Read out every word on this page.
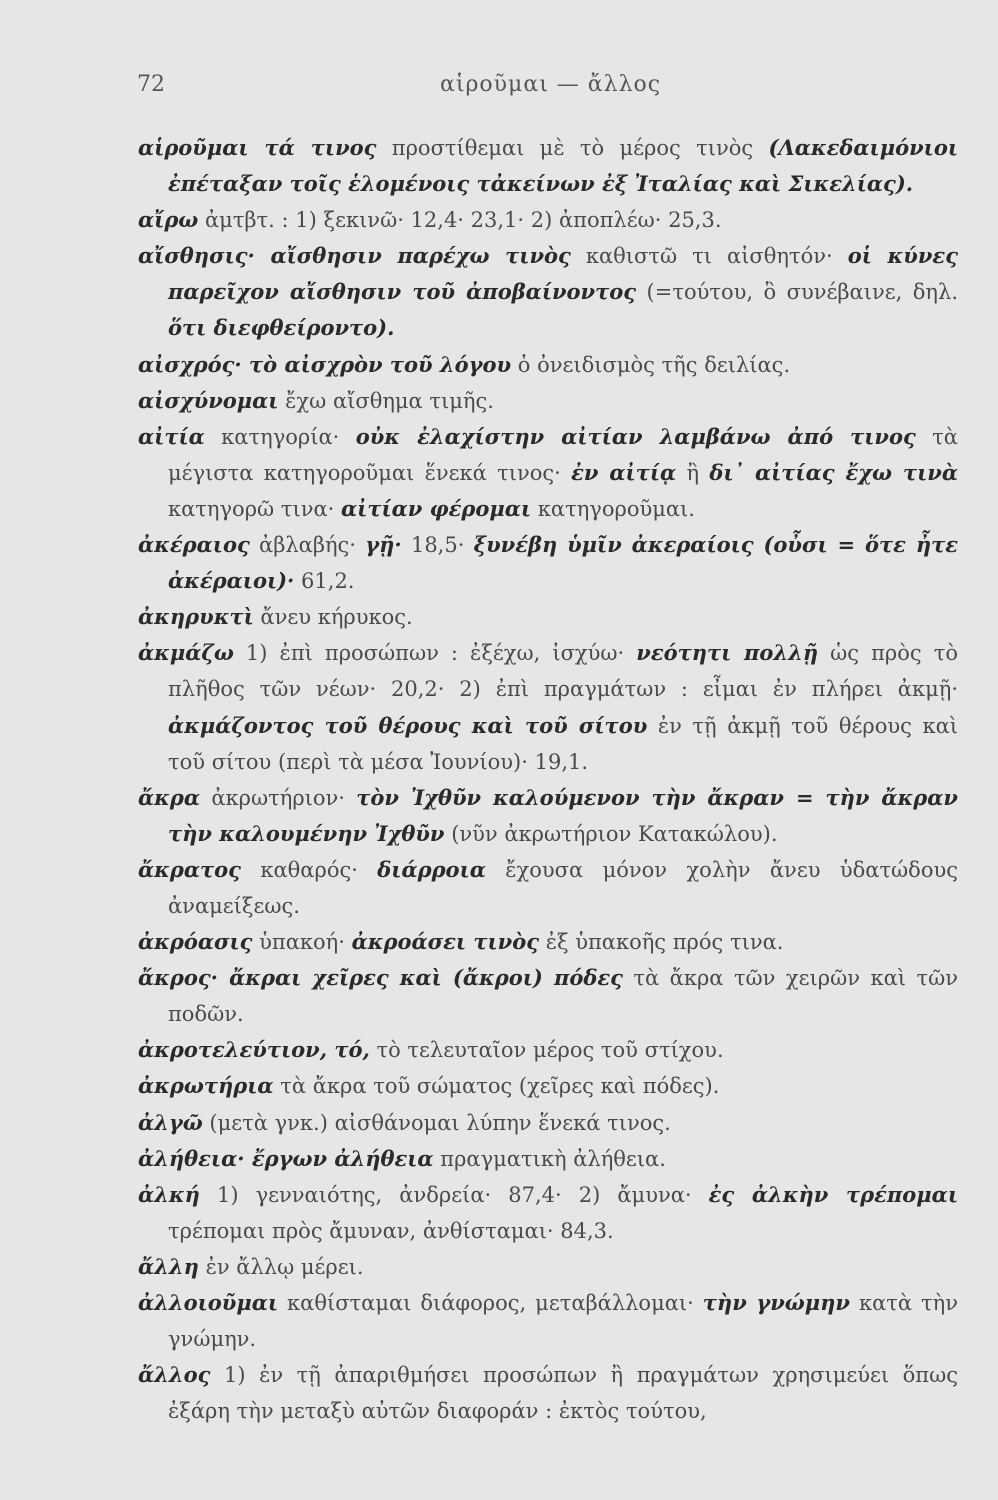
72	αἱροῦμαι — ἄλλος
αἱροῦμαι τά τινος προστίθεμαι μὲ τὸ μέρος τινὸς (Λακεδαιμόνιοι ἐπέταξαν τοῖς ἑλομένοις τἀκείνων ἐξ Ἰταλίας καὶ Σικελίας).
αἴρω ἀμτβτ. : 1) ξεκινῶ· 12,4· 23,1· 2) ἀποπλέω· 25,3.
αἴσθησις· αἴσθησιν παρέχω τινὸς καθιστῶ τι αἰσθητόν· οἱ κύνες παρεῖχον αἴσθησιν τοῦ ἀποβαίνοντος (=τούτου, ὃ συνέβαινε, δηλ. ὅτι διεφθείροντο).
αἰσχρός· τὸ αἰσχρὸν τοῦ λόγου ὁ ὀνειδισμὸς τῆς δειλίας.
αἰσχύνομαι ἔχω αἴσθημα τιμῆς.
αἰτία κατηγορία· οὐκ ἐλαχίστην αἰτίαν λαμβάνω ἀπό τινος τὰ μέγιστα κατηγοροῦμαι ἕνεκά τινος· ἐν αἰτίᾳ ἢ δι᾽ αἰτίας ἔχω τινὰ κατηγορῶ τινα· αἰτίαν φέρομαι κατηγοροῦμαι.
ἀκέραιος ἀβλαβής· γῇ· 18,5· ξυνέβη ὑμῖν ἀκεραίοις (οὖσι = ὅτε ἦτε ἀκέραιοι)· 61,2.
ἀκηρυκτὶ ἄνευ κήρυκος.
ἀκμάζω 1) ἐπὶ προσώπων : ἐξέχω, ἰσχύω· νεότητι πολλῇ ὡς πρὸς τὸ πλῆθος τῶν νέων· 20,2· 2) ἐπὶ πραγμάτων : εἶμαι ἐν πλήρει ἀκμῇ· ἀκμάζοντος τοῦ θέρους καὶ τοῦ σίτου ἐν τῇ ἀκμῇ τοῦ θέρους καὶ τοῦ σίτου (περὶ τὰ μέσα Ἰουνίου)· 19,1.
ἄκρα ἀκρωτήριον· τὸν Ἰχθῦν καλούμενον τὴν ἄκραν = τὴν ἄκραν τὴν καλουμένην Ἰχθῦν (νῦν ἀκρωτήριον Κατακώλου).
ἄκρατος καθαρός· διάρροια ἔχουσα μόνον χολὴν ἄνευ ὑδατώδους ἀναμείξεως.
ἀκρόασις ὑπακοή· ἀκροάσει τινὸς ἐξ ὑπακοῆς πρός τινα.
ἄκρος· ἄκραι χεῖρες καὶ (ἄκροι) πόδες τὰ ἄκρα τῶν χειρῶν καὶ τῶν ποδῶν.
ἀκροτελεύτιον, τό, τὸ τελευταῖον μέρος τοῦ στίχου.
ἀκρωτήρια τὰ ἄκρα τοῦ σώματος (χεῖρες καὶ πόδες).
ἀλγῶ (μετὰ γνκ.) αἰσθάνομαι λύπην ἕνεκά τινος.
ἀλήθεια· ἔργων ἀλήθεια πραγματικὴ ἀλήθεια.
ἀλκή 1) γενναιότης, ἀνδρεία· 87,4· 2) ἄμυνα· ἐς ἀλκὴν τρέπομαι τρέπομαι πρὸς ἄμυναν, ἀνθίσταμαι· 84,3.
ἄλλη ἐν ἄλλῳ μέρει.
ἀλλοιοῦμαι καθίσταμαι διάφορος, μεταβάλλομαι· τὴν γνώμην κατὰ τὴν γνώμην.
ἄλλος 1) ἐν τῇ ἀπαριθμήσει προσώπων ἢ πραγμάτων χρησιμεύει ὅπως ἐξάρη τὴν μεταξὺ αὐτῶν διαφοράν : ἐκτὸς τούτου,
